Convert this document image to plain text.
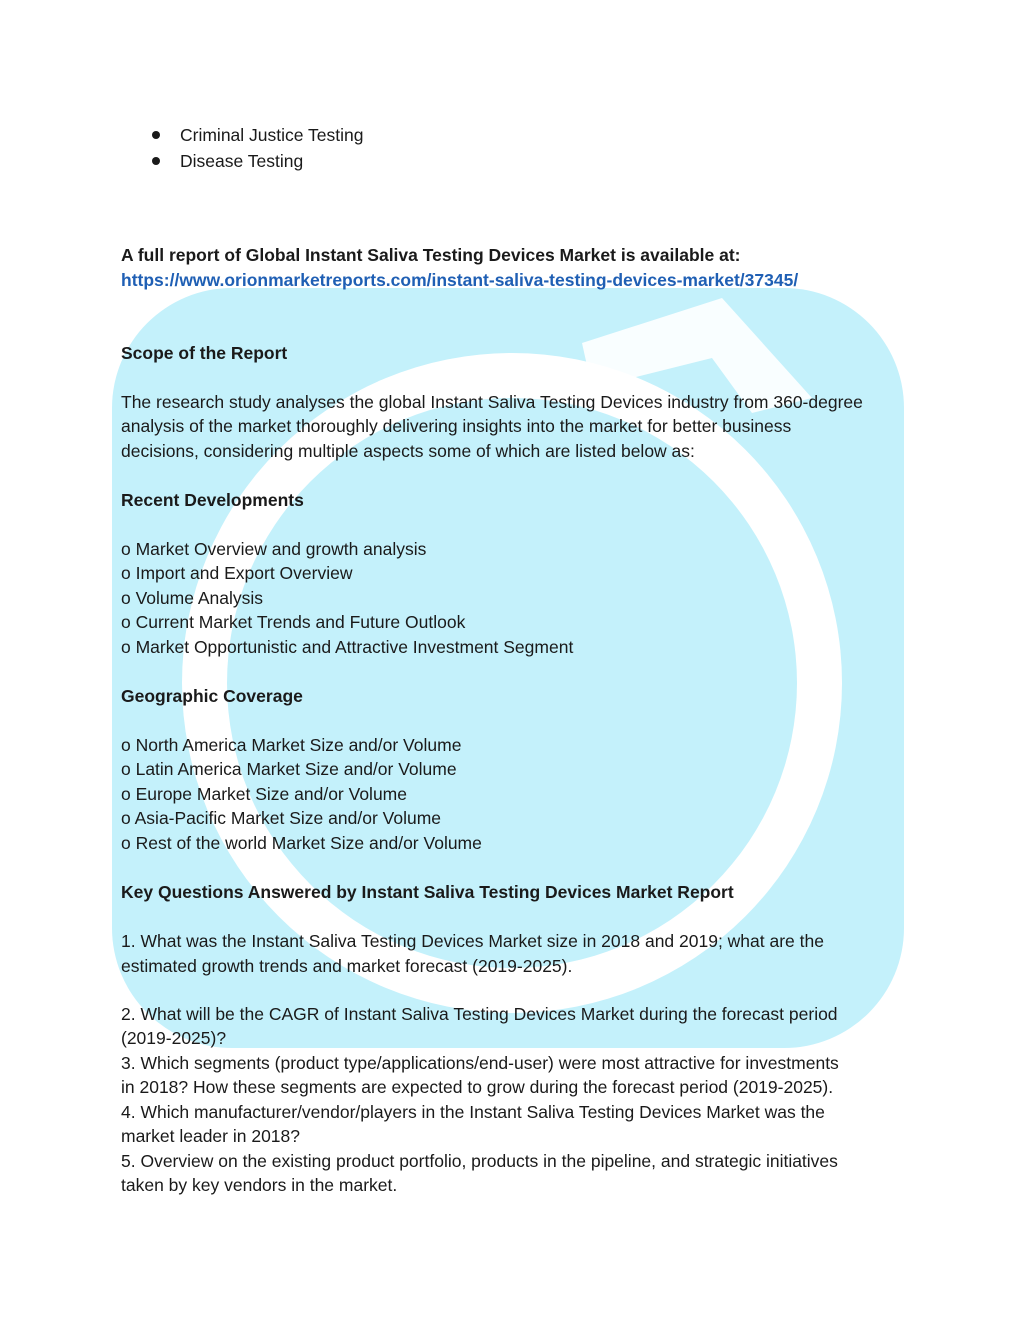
Criminal Justice Testing
Disease Testing
A full report of Global Instant Saliva Testing Devices Market is available at:
https://www.orionmarketreports.com/instant-saliva-testing-devices-market/37345/
Scope of the Report
The research study analyses the global Instant Saliva Testing Devices industry from 360-degree
analysis of the market thoroughly delivering insights into the market for better business
decisions, considering multiple aspects some of which are listed below as:
Recent Developments
o Market Overview and growth analysis
o Import and Export Overview
o Volume Analysis
o Current Market Trends and Future Outlook
o Market Opportunistic and Attractive Investment Segment
Geographic Coverage
o North America Market Size and/or Volume
o Latin America Market Size and/or Volume
o Europe Market Size and/or Volume
o Asia-Pacific Market Size and/or Volume
o Rest of the world Market Size and/or Volume
Key Questions Answered by Instant Saliva Testing Devices Market Report
1. What was the Instant Saliva Testing Devices Market size in 2018 and 2019; what are the
estimated growth trends and market forecast (2019-2025).
2. What will be the CAGR of Instant Saliva Testing Devices Market during the forecast period
(2019-2025)?
3. Which segments (product type/applications/end-user) were most attractive for investments
in 2018? How these segments are expected to grow during the forecast period (2019-2025).
4. Which manufacturer/vendor/players in the Instant Saliva Testing Devices Market was the
market leader in 2018?
5. Overview on the existing product portfolio, products in the pipeline, and strategic initiatives
taken by key vendors in the market.
